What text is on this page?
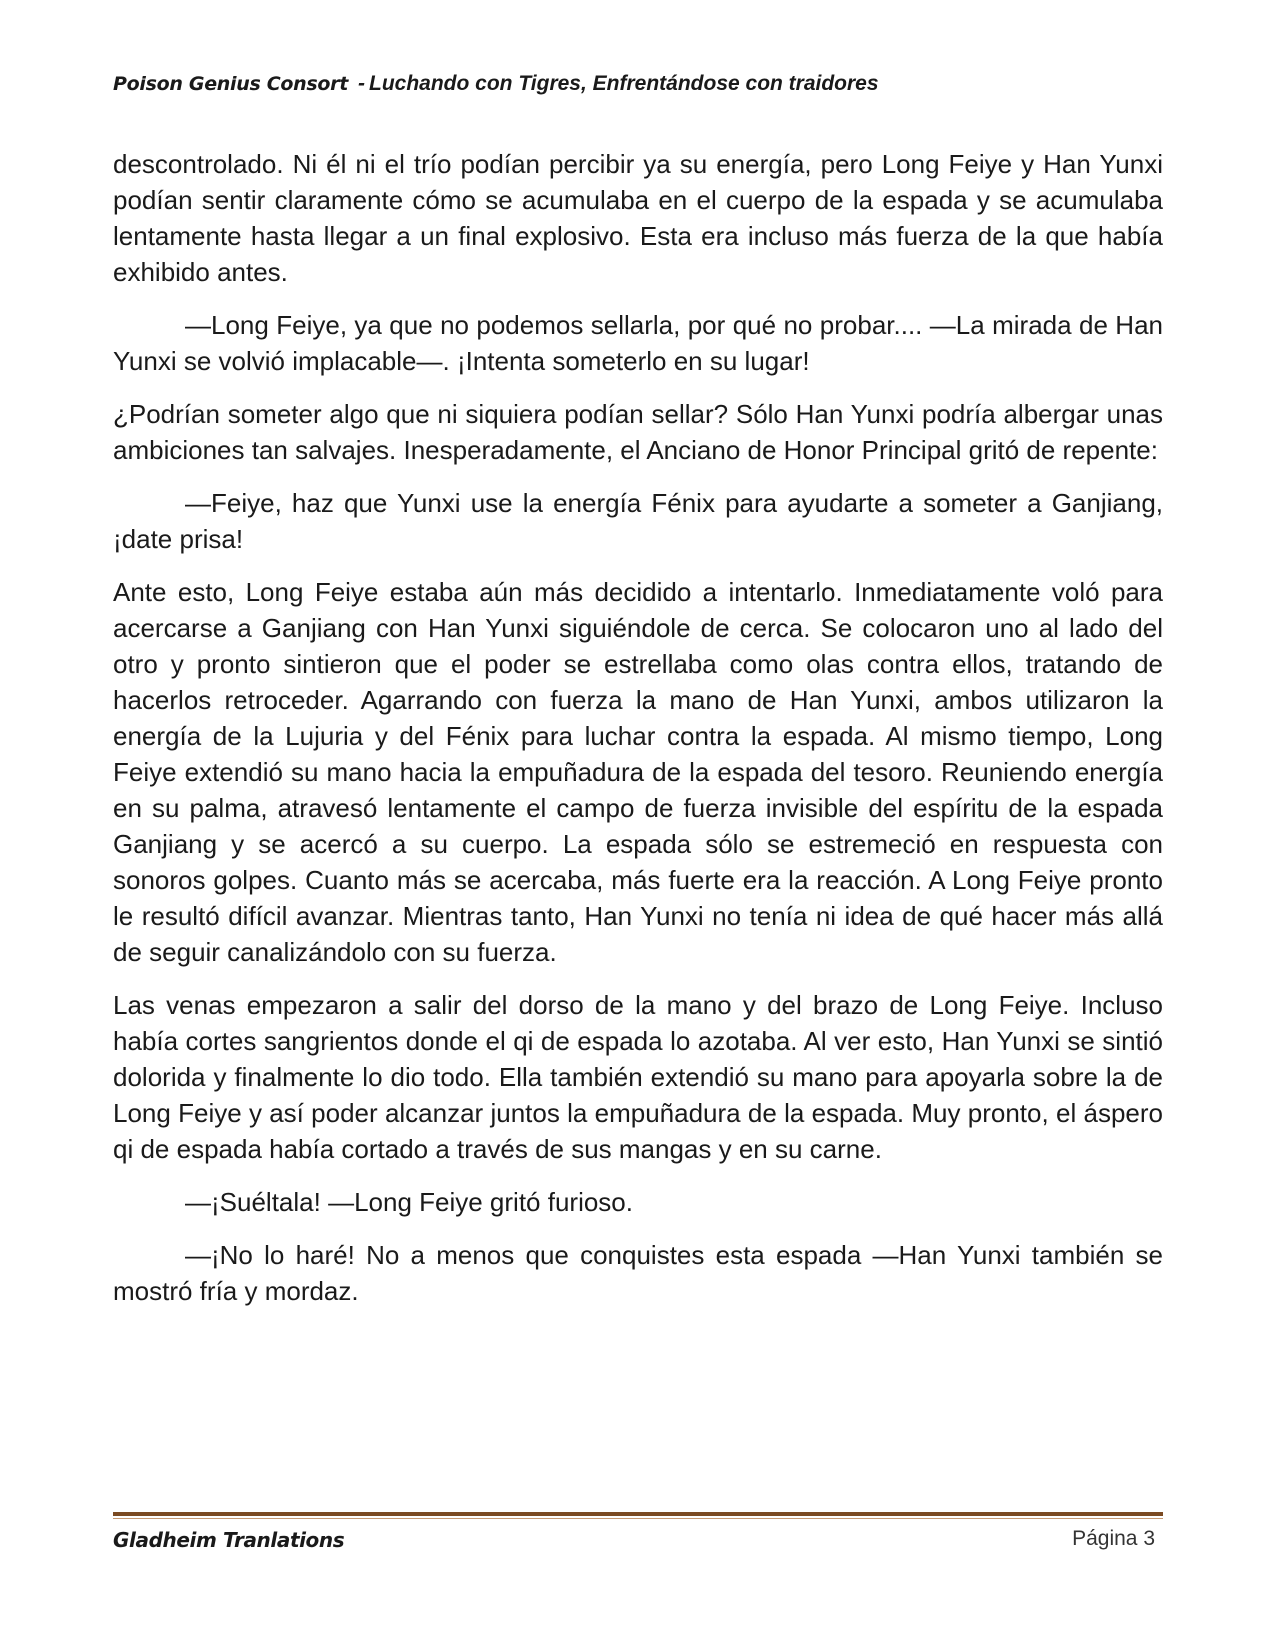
Poison Genius Consort - Luchando con Tigres, Enfrentándose con traidores

descontrolado. Ni él ni el trío podían percibir ya su energía, pero Long Feiye y Han Yunxi podían sentir claramente cómo se acumulaba en el cuerpo de la espada y se acumulaba lentamente hasta llegar a un final explosivo. Esta era incluso más fuerza de la que había exhibido antes.

—Long Feiye, ya que no podemos sellarla, por qué no probar.... —La mirada de Han Yunxi se volvió implacable—. ¡Intenta someterlo en su lugar!

¿Podrían someter algo que ni siquiera podían sellar? Sólo Han Yunxi podría albergar unas ambiciones tan salvajes. Inesperadamente, el Anciano de Honor Principal gritó de repente:

—Feiye, haz que Yunxi use la energía Fénix para ayudarte a someter a Ganjiang, ¡date prisa!

Ante esto, Long Feiye estaba aún más decidido a intentarlo. Inmediatamente voló para acercarse a Ganjiang con Han Yunxi siguiéndole de cerca. Se colocaron uno al lado del otro y pronto sintieron que el poder se estrellaba como olas contra ellos, tratando de hacerlos retroceder. Agarrando con fuerza la mano de Han Yunxi, ambos utilizaron la energía de la Lujuria y del Fénix para luchar contra la espada. Al mismo tiempo, Long Feiye extendió su mano hacia la empuñadura de la espada del tesoro. Reuniendo energía en su palma, atravesó lentamente el campo de fuerza invisible del espíritu de la espada Ganjiang y se acercó a su cuerpo. La espada sólo se estremeció en respuesta con sonoros golpes. Cuanto más se acercaba, más fuerte era la reacción. A Long Feiye pronto le resultó difícil avanzar. Mientras tanto, Han Yunxi no tenía ni idea de qué hacer más allá de seguir canalizándolo con su fuerza.

Las venas empezaron a salir del dorso de la mano y del brazo de Long Feiye. Incluso había cortes sangrientos donde el qi de espada lo azotaba. Al ver esto, Han Yunxi se sintió dolorida y finalmente lo dio todo. Ella también extendió su mano para apoyarla sobre la de Long Feiye y así poder alcanzar juntos la empuñadura de la espada. Muy pronto, el áspero qi de espada había cortado a través de sus mangas y en su carne.

—¡Suéltala! —Long Feiye gritó furioso.

—¡No lo haré! No a menos que conquistes esta espada —Han Yunxi también se mostró fría y mordaz.

Gladheim Tranlations	Página 3
